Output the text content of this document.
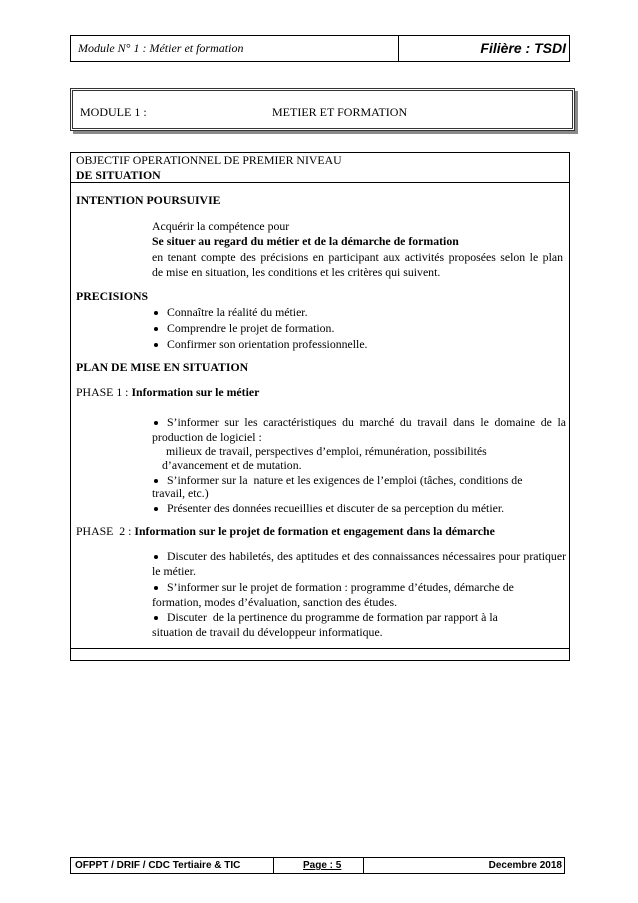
Module N° 1 : Métier et formation	Filière : TSDI
MODULE 1 :	METIER ET FORMATION
OBJECTIF OPERATIONNEL DE PREMIER NIVEAU
DE SITUATION
INTENTION POURSUIVIE
Acquérir la compétence pour
Se situer au regard du métier et de la démarche de formation
en tenant compte des précisions en participant aux activités proposées selon le plan
de mise en situation, les conditions et les critères qui suivent.
PRECISIONS
Connaître la réalité du métier.
Comprendre le projet de formation.
Confirmer son orientation professionnelle.
PLAN DE MISE EN SITUATION
PHASE 1 : Information sur le métier
S’informer sur les caractéristiques du marché du travail dans le domaine de la
production de logiciel :
milieux de travail, perspectives d’emploi, rémunération, possibilités
d’avancement et de mutation.
S’informer sur la  nature et les exigences de l’emploi (tâches, conditions de
travail, etc.)
Présenter des données recueillies et discuter de sa perception du métier.
PHASE  2 : Information sur le projet de formation et engagement dans la démarche
Discuter des habiletés, des aptitudes et des connaissances nécessaires pour pratiquer
le métier.
S’informer sur le projet de formation : programme d’études, démarche de
formation, modes d’évaluation, sanction des études.
Discuter  de la pertinence du programme de formation par rapport à la
situation de travail du développeur informatique.
OFPPT / DRIF / CDC Tertiaire & TIC	Page : 5	Decembre 2018
